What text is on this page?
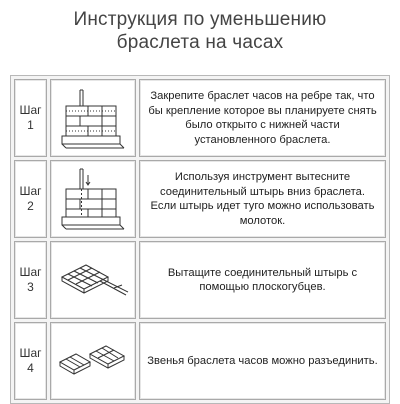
Инструкция по уменьшению
браслета на часах
Шаг
1
Закрепите браслет часов на ребре так, что бы крепление которое вы планируете снять было открыто с нижней части установленного браслета.
Шаг
2
Используя инструмент вытесните соединительный штырь вниз браслета. Если штырь идет туго можно использовать молоток.
Шаг
3
Вытащите соединительный штырь с помощью плоскогубцев.
Шаг
4
Звенья браслета часов можно разъединить.
